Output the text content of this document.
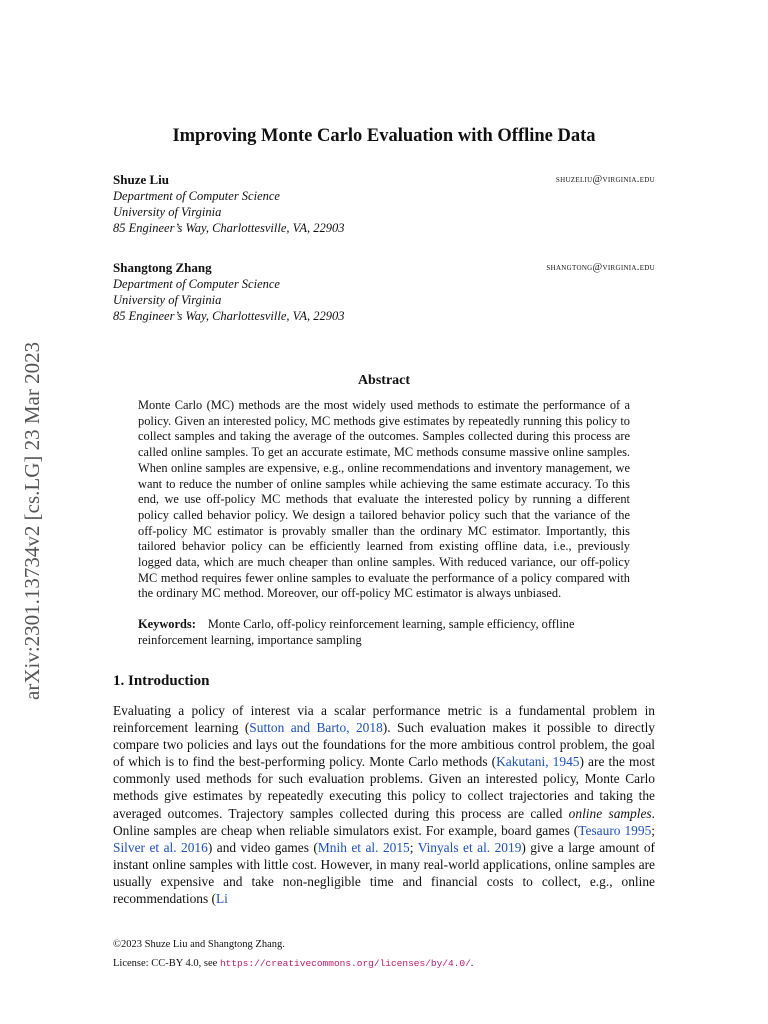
arXiv:2301.13734v2 [cs.LG] 23 Mar 2023
Improving Monte Carlo Evaluation with Offline Data
Shuze Liu	shuzeliu@virginia.edu
Department of Computer Science
University of Virginia
85 Engineer’s Way, Charlottesville, VA, 22903
Shangtong Zhang	shangtong@virginia.edu
Department of Computer Science
University of Virginia
85 Engineer’s Way, Charlottesville, VA, 22903
Abstract
Monte Carlo (MC) methods are the most widely used methods to estimate the performance of a policy. Given an interested policy, MC methods give estimates by repeatedly running this policy to collect samples and taking the average of the outcomes. Samples collected during this process are called online samples. To get an accurate estimate, MC methods consume massive online samples. When online samples are expensive, e.g., online recommendations and inventory management, we want to reduce the number of online samples while achieving the same estimate accuracy. To this end, we use off-policy MC methods that evaluate the interested policy by running a different policy called behavior policy. We design a tailored behavior policy such that the variance of the off-policy MC estimator is provably smaller than the ordinary MC estimator. Importantly, this tailored behavior policy can be efficiently learned from existing offline data, i.e., previously logged data, which are much cheaper than online samples. With reduced variance, our off-policy MC method requires fewer online samples to evaluate the performance of a policy compared with the ordinary MC method. Moreover, our off-policy MC estimator is always unbiased.
Keywords: Monte Carlo, off-policy reinforcement learning, sample efficiency, offline reinforcement learning, importance sampling
1. Introduction
Evaluating a policy of interest via a scalar performance metric is a fundamental problem in reinforcement learning (Sutton and Barto, 2018). Such evaluation makes it possible to directly compare two policies and lays out the foundations for the more ambitious control problem, the goal of which is to find the best-performing policy. Monte Carlo methods (Kakutani, 1945) are the most commonly used methods for such evaluation problems. Given an interested policy, Monte Carlo methods give estimates by repeatedly executing this policy to collect trajectories and taking the averaged outcomes. Trajectory samples collected during this process are called online samples. Online samples are cheap when reliable simulators exist. For example, board games (Tesauro 1995; Silver et al. 2016) and video games (Mnih et al. 2015; Vinyals et al. 2019) give a large amount of instant online samples with little cost. However, in many real-world applications, online samples are usually expensive and take non-negligible time and financial costs to collect, e.g., online recommendations (Li
©2023 Shuze Liu and Shangtong Zhang.
License: CC-BY 4.0, see https://creativecommons.org/licenses/by/4.0/.
